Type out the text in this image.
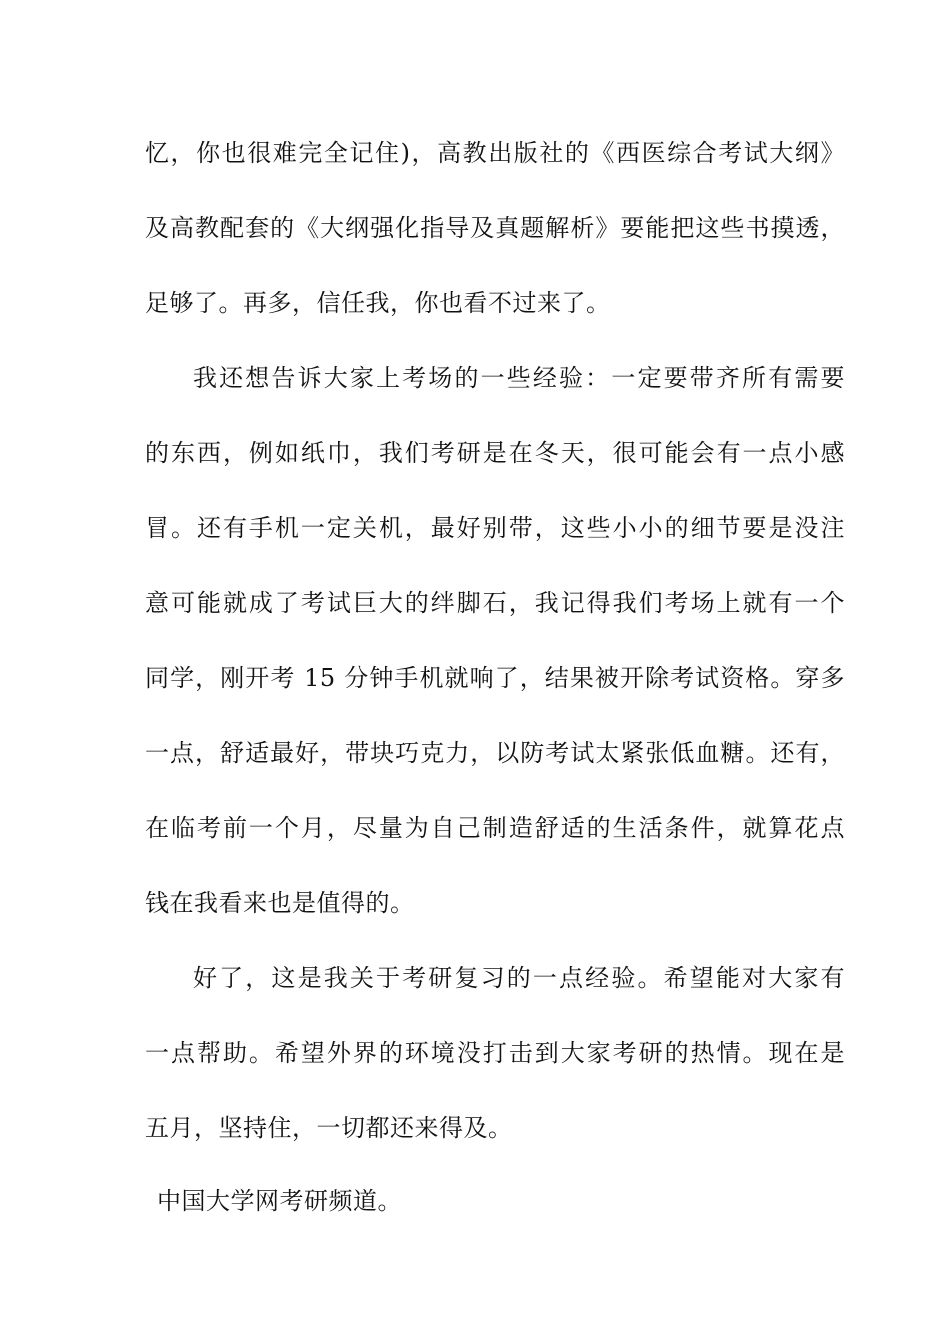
忆，你也很难完全记住)，高教出版社的《西医综合考试大纲》
及高教配套的《大纲强化指导及真题解析》要能把这些书摸透，
足够了。再多，信任我，你也看不过来了。
我还想告诉大家上考场的一些经验：一定要带齐所有需要
的东西，例如纸巾，我们考研是在冬天，很可能会有一点小感
冒。还有手机一定关机，最好别带，这些小小的细节要是没注
意可能就成了考试巨大的绊脚石，我记得我们考场上就有一个
同学，刚开考 15 分钟手机就响了，结果被开除考试资格。穿多
一点，舒适最好，带块巧克力，以防考试太紧张低血糖。还有，
在临考前一个月，尽量为自己制造舒适的生活条件，就算花点
钱在我看来也是值得的。
好了，这是我关于考研复习的一点经验。希望能对大家有
一点帮助。希望外界的环境没打击到大家考研的热情。现在是
五月，坚持住，一切都还来得及。
中国大学网考研频道。
